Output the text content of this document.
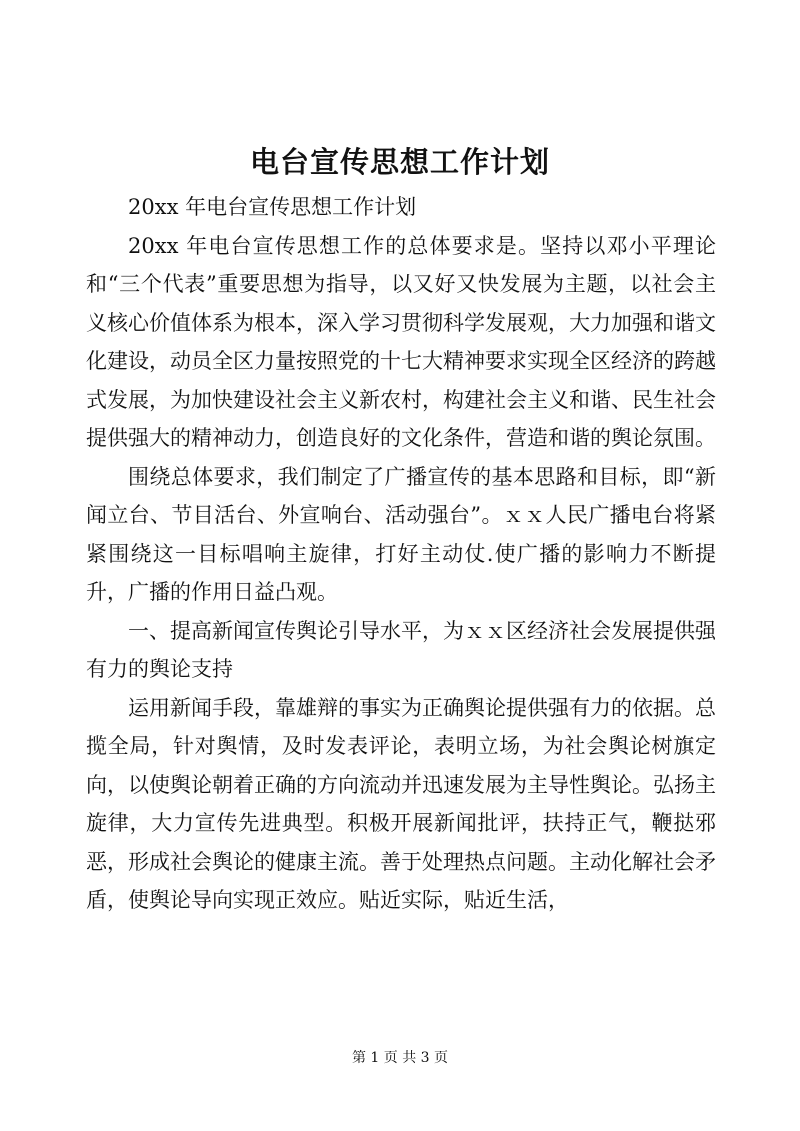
电台宣传思想工作计划

20xx 年电台宣传思想工作计划

20xx 年电台宣传思想工作的总体要求是。坚持以邓小平理论和“三个代表”重要思想为指导，以又好又快发展为主题，以社会主义核心价值体系为根本，深入学习贯彻科学发展观，大力加强和谐文化建设，动员全区力量按照党的十七大精神要求实现全区经济的跨越式发展，为加快建设社会主义新农村，构建社会主义和谐、民生社会提供强大的精神动力，创造良好的文化条件，营造和谐的舆论氛围。

围绕总体要求，我们制定了广播宣传的基本思路和目标，即“新闻立台、节目活台、外宣响台、活动强台”。ｘｘ人民广播电台将紧紧围绕这一目标唱响主旋律，打好主动仗.使广播的影响力不断提升，广播的作用日益凸观。

一、提高新闻宣传舆论引导水平，为ｘｘ区经济社会发展提供强有力的舆论支持

运用新闻手段，靠雄辩的事实为正确舆论提供强有力的依据。总揽全局，针对舆情，及时发表评论，表明立场，为社会舆论树旗定向，以使舆论朝着正确的方向流动并迅速发展为主导性舆论。弘扬主旋律，大力宣传先进典型。积极开展新闻批评，扶持正气，鞭挞邪恶，形成社会舆论的健康主流。善于处理热点问题。主动化解社会矛盾，使舆论导向实现正效应。贴近实际，贴近生活，

第 1 页 共 3 页
